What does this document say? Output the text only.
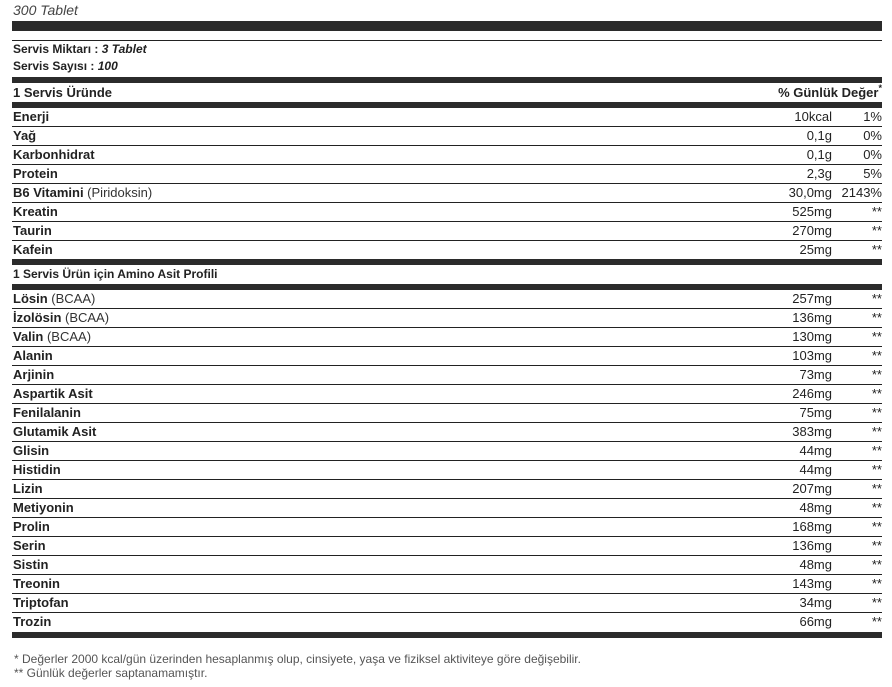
300 Tablet
Servis Miktarı : 3 Tablet
Servis Sayısı : 100
1 Servis Üründe	% Günlük Değer*
Enerji	10kcal	1%
Yağ	0,1g	0%
Karbonhidrat	0,1g	0%
Protein	2,3g	5%
B6 Vitamini (Piridoksin)	30,0mg 2143%
Kreatin	525mg	**
Taurin	270mg	**
Kafein	25mg	**
1 Servis Ürün için Amino Asit Profili
Lösin (BCAA)	257mg	**
İzolösin (BCAA)	136mg	**
Valin (BCAA)	130mg	**
Alanin	103mg	**
Arjinin	73mg	**
Aspartik Asit	246mg	**
Fenilalanin	75mg	**
Glutamik Asit	383mg	**
Glisin	44mg	**
Histidin	44mg	**
Lizin	207mg	**
Metiyonin	48mg	**
Prolin	168mg	**
Serin	136mg	**
Sistin	48mg	**
Treonin	143mg	**
Triptofan	34mg	**
Trozin	66mg	**
* Değerler 2000 kcal/gün üzerinden hesaplanmış olup, cinsiyete, yaşa ve fiziksel aktiviteye göre değişebilir.
** Günlük değerler saptanamamıştır.
